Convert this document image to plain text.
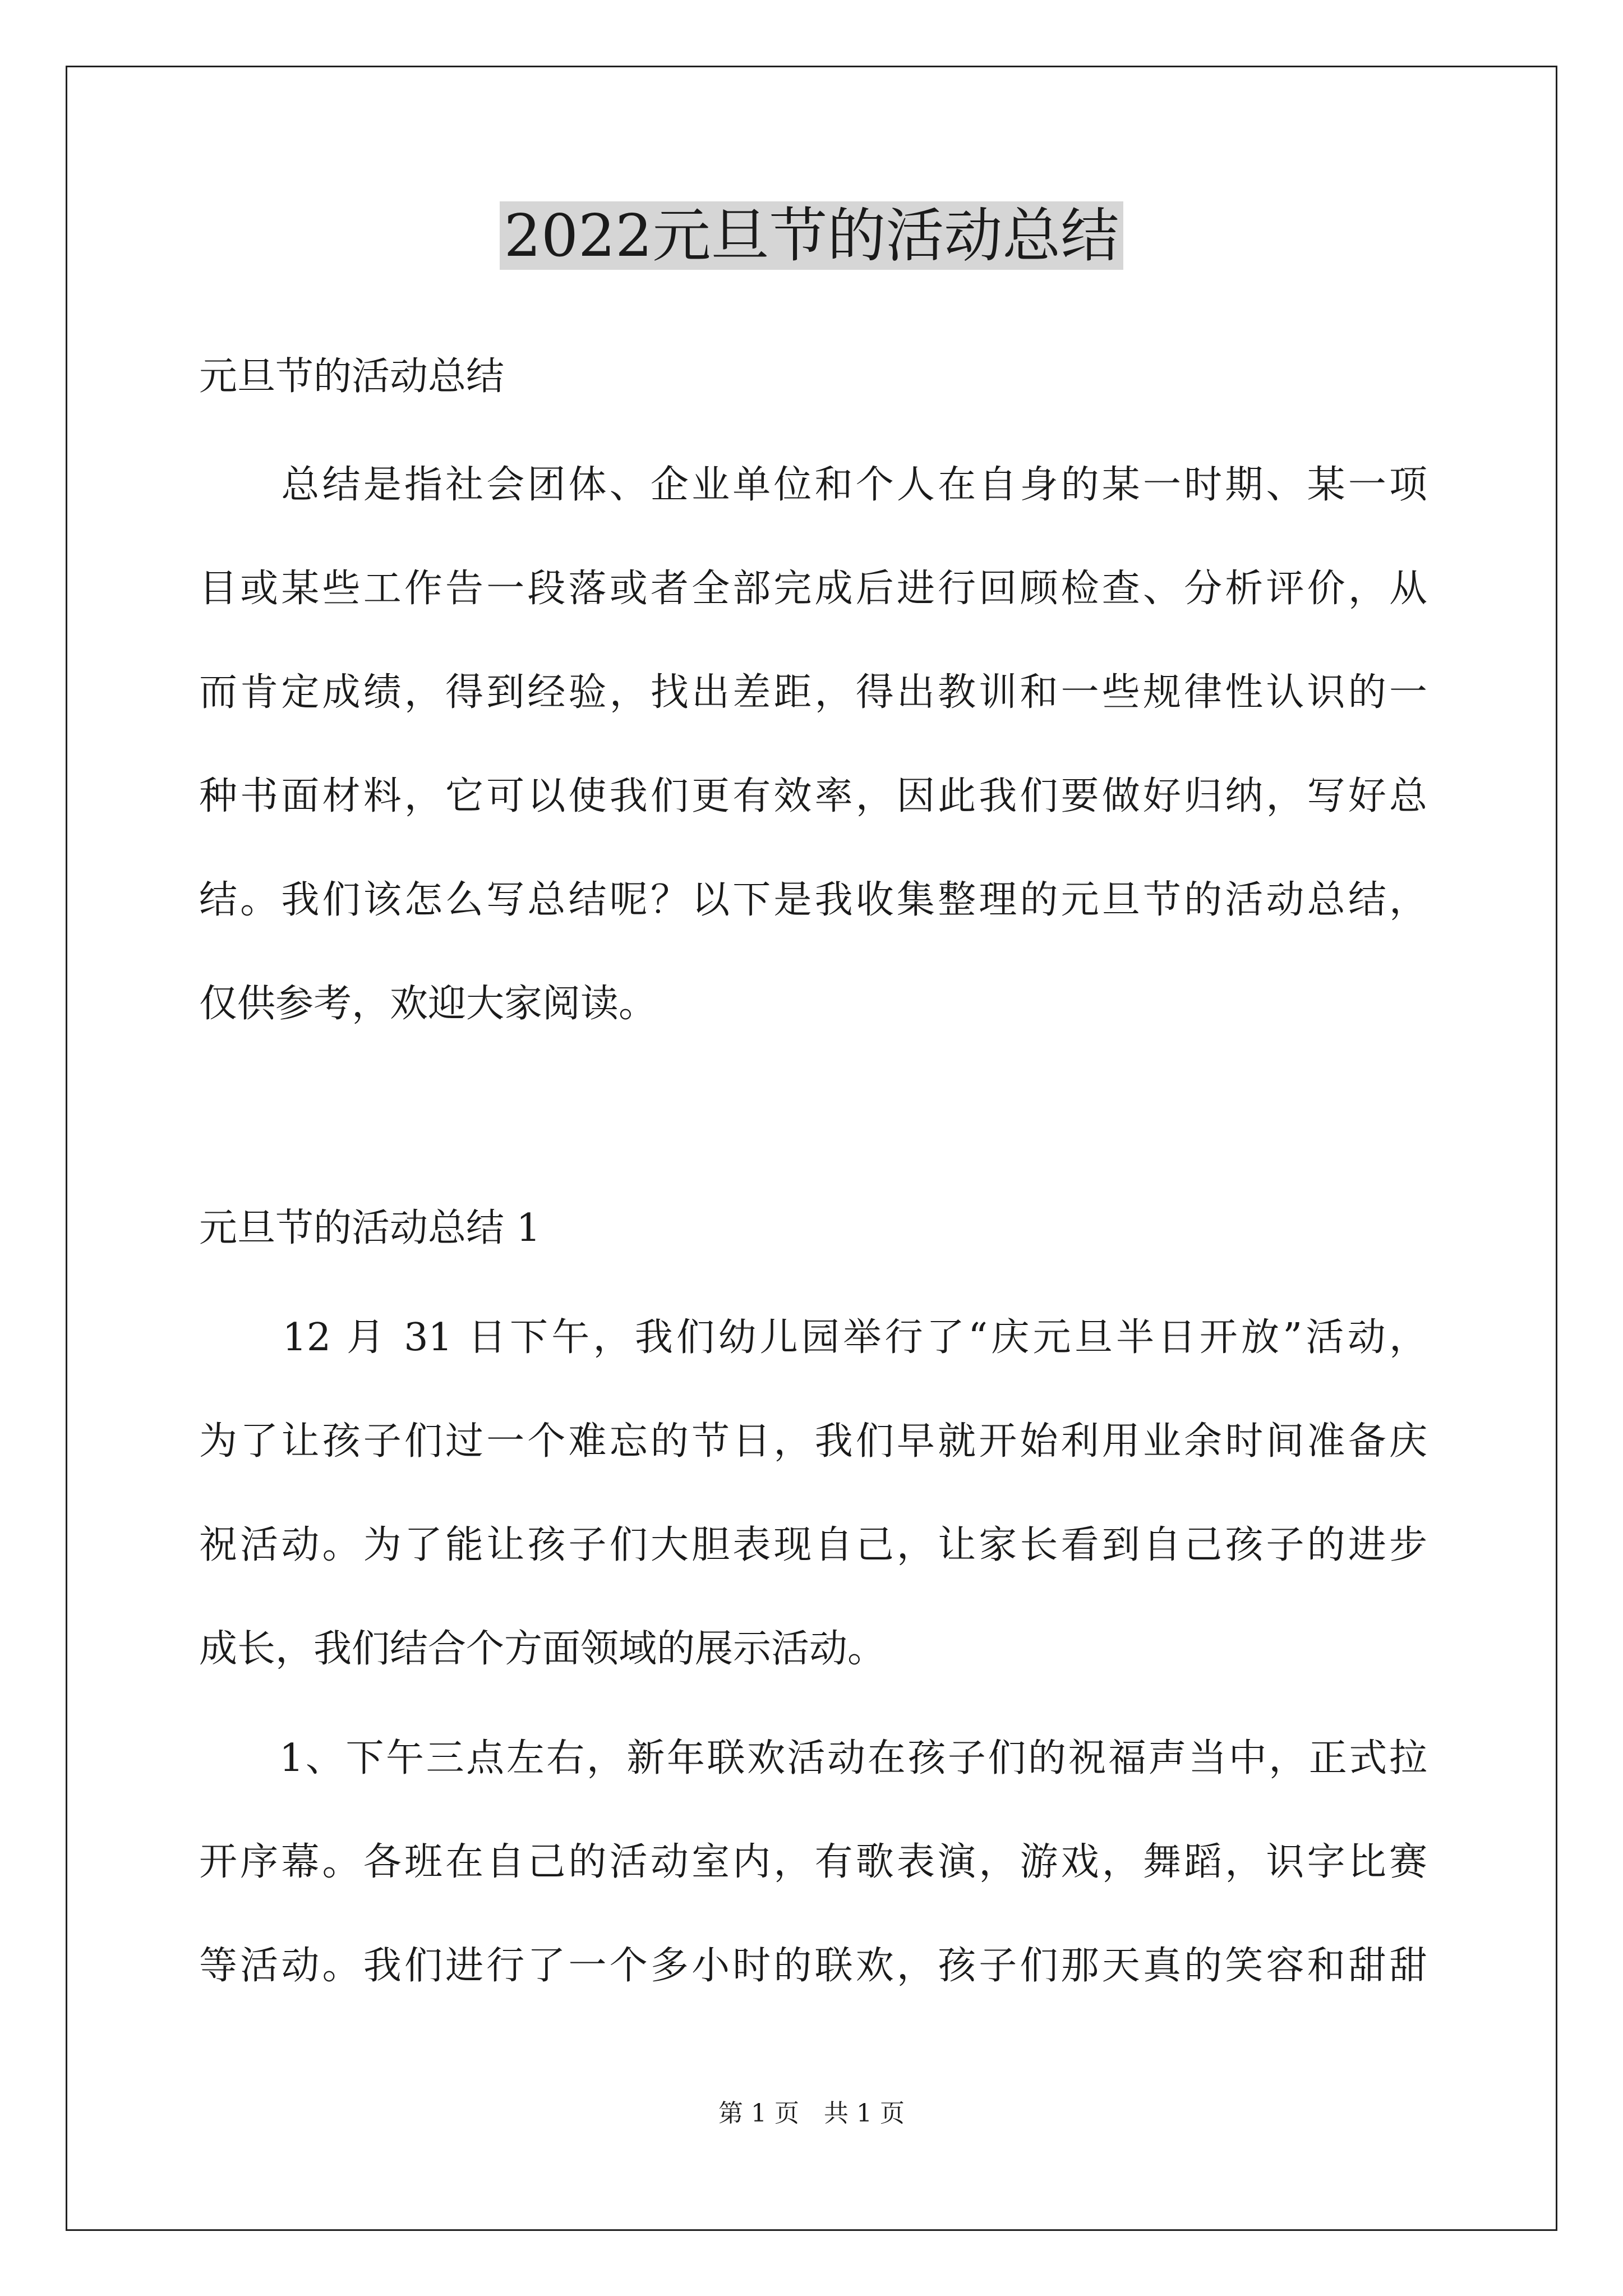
2022元旦节的活动总结
元旦节的活动总结
　　总结是指社会团体、企业单位和个人在自身的某一时期、某一项
目或某些工作告一段落或者全部完成后进行回顾检查、分析评价，从
而肯定成绩，得到经验，找出差距，得出教训和一些规律性认识的一
种书面材料，它可以使我们更有效率，因此我们要做好归纳，写好总
结。我们该怎么写总结呢？以下是我收集整理的元旦节的活动总结，
仅供参考，欢迎大家阅读。
元旦节的活动总结 1
　　12 月 31 日下午，我们幼儿园举行了“庆元旦半日开放”活动，
为了让孩子们过一个难忘的节日，我们早就开始利用业余时间准备庆
祝活动。为了能让孩子们大胆表现自己，让家长看到自己孩子的进步
成长，我们结合个方面领域的展示活动。
　　1、下午三点左右，新年联欢活动在孩子们的祝福声当中，正式拉
开序幕。各班在自己的活动室内，有歌表演，游戏，舞蹈，识字比赛
等活动。我们进行了一个多小时的联欢，孩子们那天真的笑容和甜甜
第 1 页　共 1 页
